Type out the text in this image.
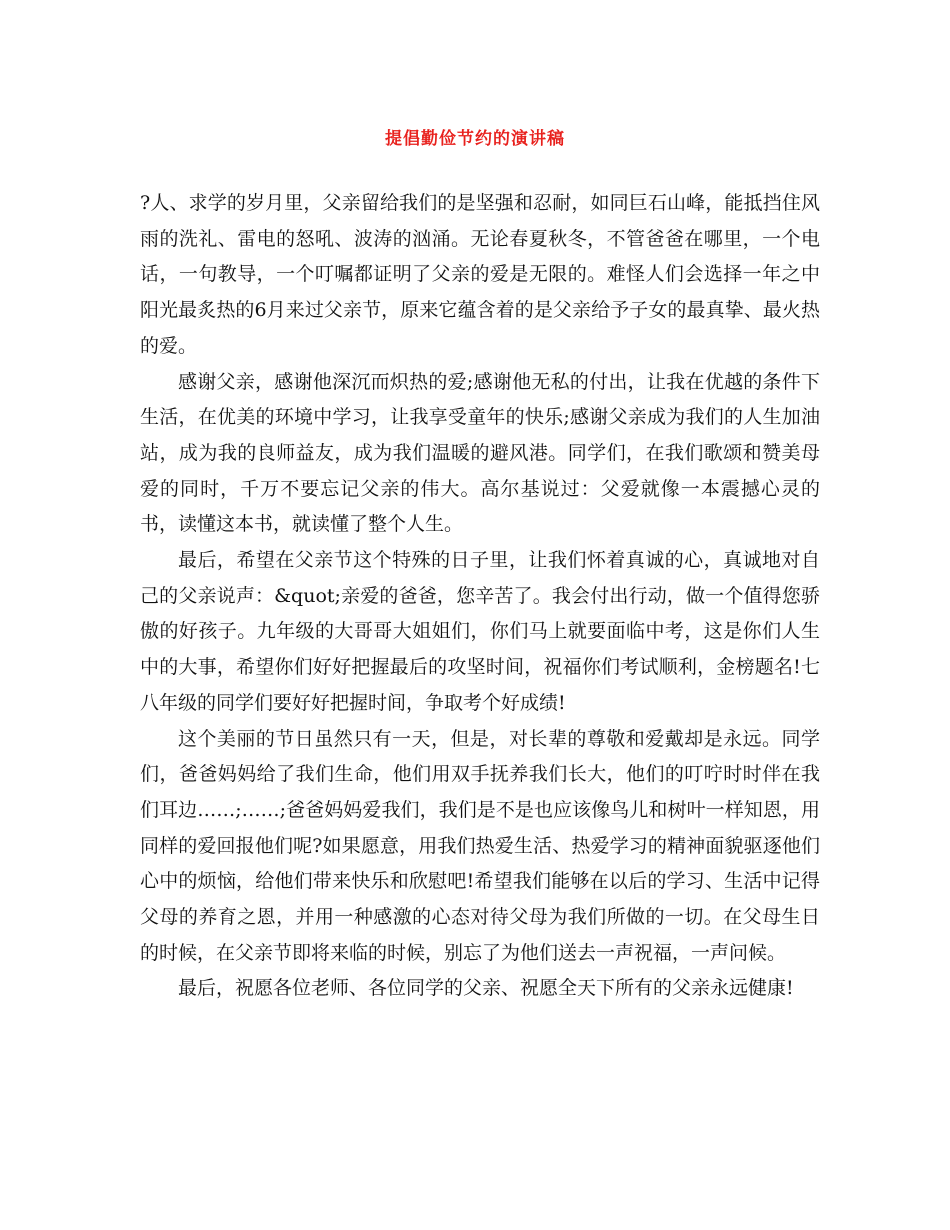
提倡勤俭节约的演讲稿

?人、求学的岁月里，父亲留给我们的是坚强和忍耐，如同巨石山峰，能抵挡住风雨的洗礼、雷电的怒吼、波涛的汹涌。无论春夏秋冬，不管爸爸在哪里，一个电话，一句教导，一个叮嘱都证明了父亲的爱是无限的。难怪人们会选择一年之中阳光最炙热的6月来过父亲节，原来它蕴含着的是父亲给予子女的最真挚、最火热的爱。

感谢父亲，感谢他深沉而炽热的爱;感谢他无私的付出，让我在优越的条件下生活，在优美的环境中学习，让我享受童年的快乐;感谢父亲成为我们的人生加油站，成为我的良师益友，成为我们温暖的避风港。同学们，在我们歌颂和赞美母爱的同时，千万不要忘记父亲的伟大。高尔基说过：父爱就像一本震撼心灵的书，读懂这本书，就读懂了整个人生。

最后，希望在父亲节这个特殊的日子里，让我们怀着真诚的心，真诚地对自己的父亲说声：&quot;亲爱的爸爸，您辛苦了。我会付出行动，做一个值得您骄傲的好孩子。九年级的大哥哥大姐姐们，你们马上就要面临中考，这是你们人生中的大事，希望你们好好把握最后的攻坚时间，祝福你们考试顺利，金榜题名!七八年级的同学们要好好把握时间，争取考个好成绩!

这个美丽的节日虽然只有一天，但是，对长辈的尊敬和爱戴却是永远。同学们，爸爸妈妈给了我们生命，他们用双手抚养我们长大，他们的叮咛时时伴在我们耳边……;……;爸爸妈妈爱我们，我们是不是也应该像鸟儿和树叶一样知恩，用同样的爱回报他们呢?如果愿意，用我们热爱生活、热爱学习的精神面貌驱逐他们心中的烦恼，给他们带来快乐和欣慰吧!希望我们能够在以后的学习、生活中记得父母的养育之恩，并用一种感激的心态对待父母为我们所做的一切。在父母生日的时候，在父亲节即将来临的时候，别忘了为他们送去一声祝福，一声问候。

最后，祝愿各位老师、各位同学的父亲、祝愿全天下所有的父亲永远健康!
